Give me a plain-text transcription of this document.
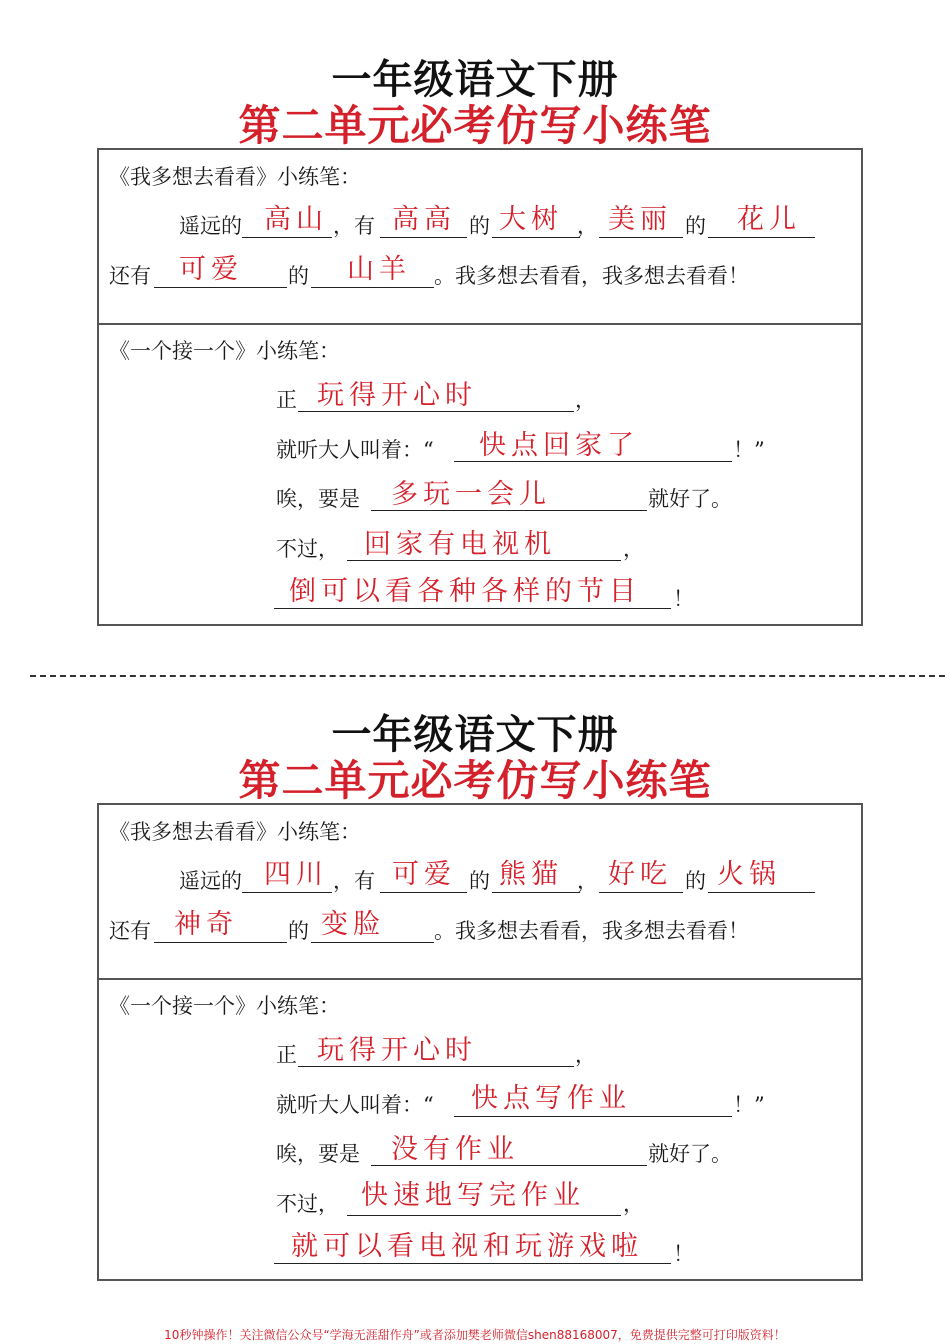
一年级语文下册
第二单元必考仿写小练笔
《我多想去看看》小练笔：
遥远的 高山 ，有 高高 的 大树 ， 美丽 的 花儿
还有 可爱 的 山羊 。我多想去看看，我多想去看看！
《一个接一个》小练笔：
正 玩得开心时	，
就听大人叫着：“ 快点回家了	！”
唉，要是 多玩一会儿	就好了。
不过， 回家有电视机	，
倒可以看各种各样的节目 ！
一年级语文下册
第二单元必考仿写小练笔
《我多想去看看》小练笔：
遥远的 四川 ，有 可爱 的 熊猫 ， 好吃 的 火锅
还有 神奇 的 变脸 。我多想去看看，我多想去看看！
《一个接一个》小练笔：
正 玩得开心时	，
就听大人叫着：“ 快点写作业	！”
唉，要是 没有作业	就好了。
不过， 快速地写完作业 ，
就可以看电视和玩游戏啦 ！
10秒钟操作！关注微信公众号“学海无涯甜作舟”或者添加樊老师微信shen88168007，免费提供完整可打印版资料！
